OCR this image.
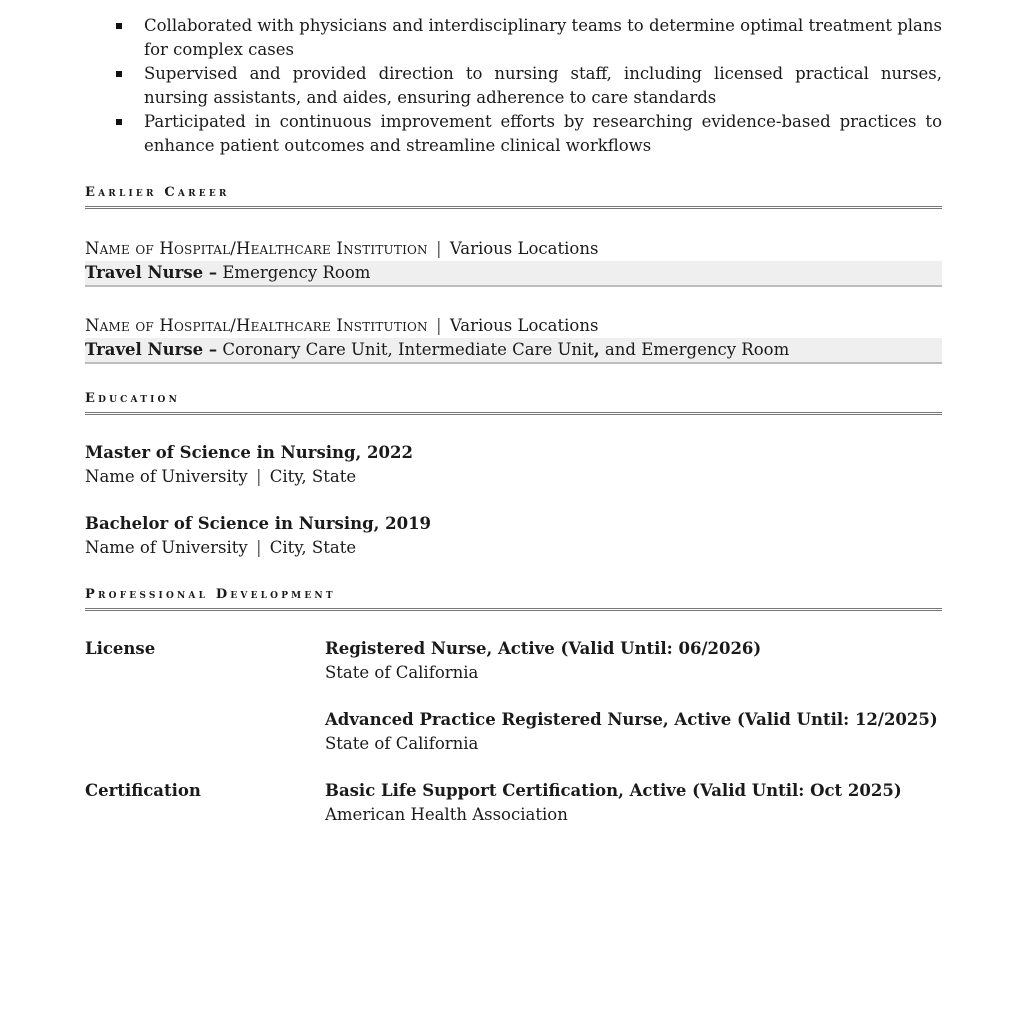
Collaborated with physicians and interdisciplinary teams to determine optimal treatment plans for complex cases
Supervised and provided direction to nursing staff, including licensed practical nurses, nursing assistants, and aides, ensuring adherence to care standards
Participated in continuous improvement efforts by researching evidence-based practices to enhance patient outcomes and streamline clinical workflows
Earlier Career
Name of Hospital/Healthcare Institution | Various Locations
Travel Nurse – Emergency Room
Name of Hospital/Healthcare Institution | Various Locations
Travel Nurse – Coronary Care Unit, Intermediate Care Unit, and Emergency Room
Education
Master of Science in Nursing, 2022
Name of University | City, State
Bachelor of Science in Nursing, 2019
Name of University | City, State
Professional Development
License	Registered Nurse, Active (Valid Until: 06/2026)
State of California
Advanced Practice Registered Nurse, Active (Valid Until: 12/2025)
State of California
Certification	Basic Life Support Certification, Active (Valid Until: Oct 2025)
American Health Association
